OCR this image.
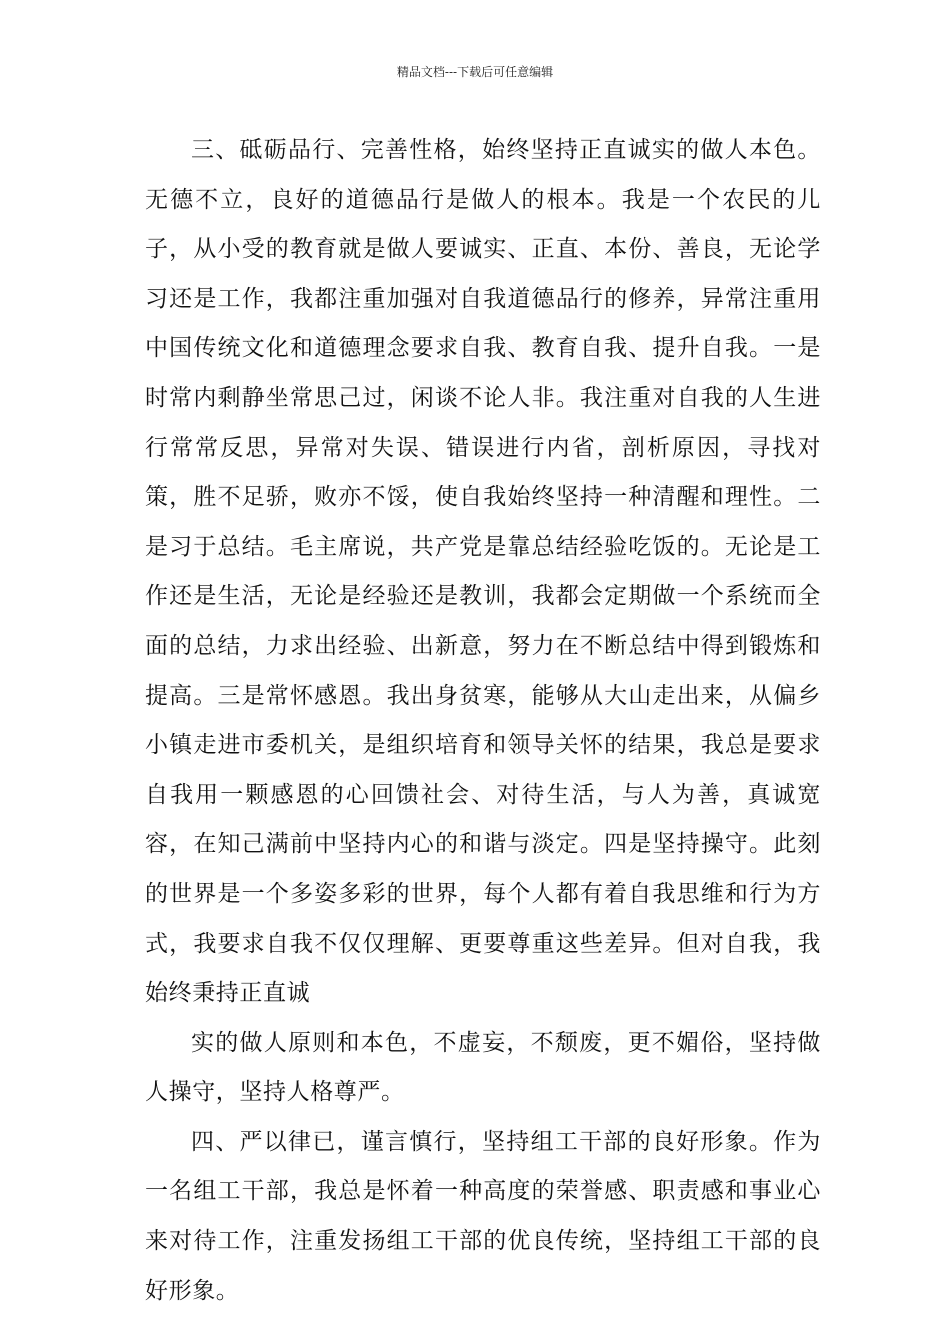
精品文档---下载后可任意编辑

三、砥砺品行、完善性格，始终坚持正直诚实的做人本色。无德不立，良好的道德品行是做人的根本。我是一个农民的儿子，从小受的教育就是做人要诚实、正直、本份、善良，无论学习还是工作，我都注重加强对自我道德品行的修养，异常注重用中国传统文化和道德理念要求自我、教育自我、提升自我。一是时常内剩静坐常思己过，闲谈不论人非。我注重对自我的人生进行常常反思，异常对失误、错误进行内省，剖析原因，寻找对策，胜不足骄，败亦不馁，使自我始终坚持一种清醒和理性。二是习于总结。毛主席说，共产党是靠总结经验吃饭的。无论是工作还是生活，无论是经验还是教训，我都会定期做一个系统而全面的总结，力求出经验、出新意，努力在不断总结中得到锻炼和提高。三是常怀感恩。我出身贫寒，能够从大山走出来，从偏乡小镇走进市委机关，是组织培育和领导关怀的结果，我总是要求自我用一颗感恩的心回馈社会、对待生活，与人为善，真诚宽容，在知己满前中坚持内心的和谐与淡定。四是坚持操守。此刻的世界是一个多姿多彩的世界，每个人都有着自我思维和行为方式，我要求自我不仅仅理解、更要尊重这些差异。但对自我，我始终秉持正直诚

实的做人原则和本色，不虚妄，不颓废，更不媚俗，坚持做人操守，坚持人格尊严。

四、严以律已，谨言慎行，坚持组工干部的良好形象。作为一名组工干部，我总是怀着一种高度的荣誉感、职责感和事业心来对待工作，注重发扬组工干部的优良传统，坚持组工干部的良好形象。
